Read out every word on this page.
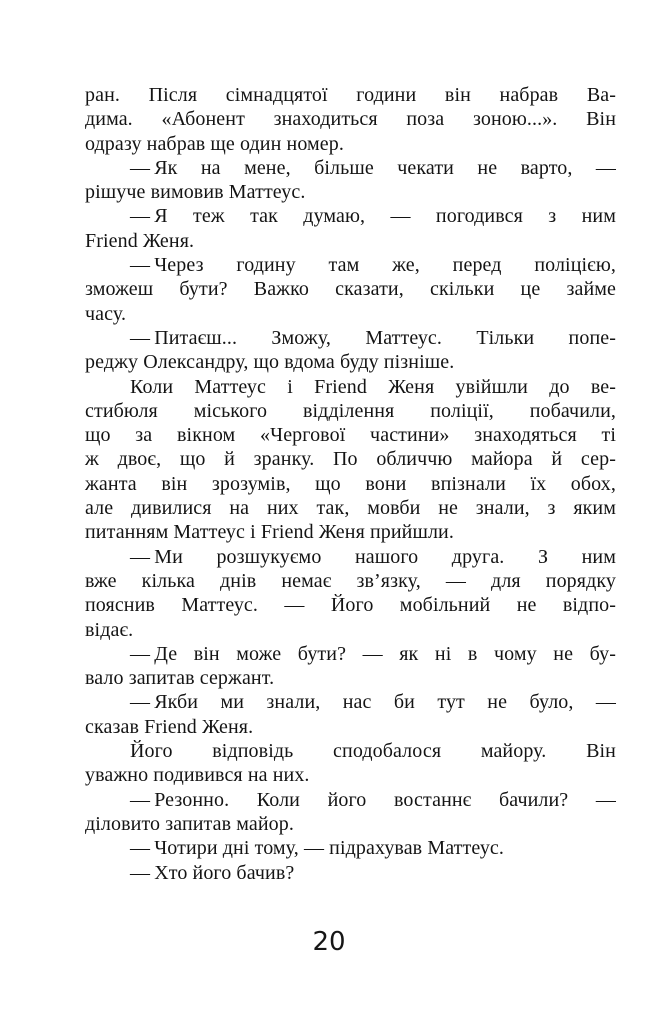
ран. Після сімнадцятої години він набрав Ва-
дима. «Абонент знаходиться поза зоною...». Він
одразу набрав ще один номер.
— Як на мене, більше чекати не варто, —
рішуче вимовив Маттеус.
— Я теж так думаю, — погодився з ним
Friend Женя.
— Через годину там же, перед поліцією,
зможеш бути? Важко сказати, скільки це займе
часу.
— Питаєш... Зможу, Маттеус. Тільки попе-
реджу Олександру, що вдома буду пізніше.
Коли Маттеус і Friend Женя увійшли до ве-
стибюля міського відділення поліції, побачили,
що за вікном «Чергової частини» знаходяться ті
ж двоє, що й зранку. По обличчю майора й сер-
жанта він зрозумів, що вони впізнали їх обох,
але дивилися на них так, мовби не знали, з яким
питанням Маттеус і Friend Женя прийшли.
— Ми розшукуємо нашого друга. З ним
вже кілька днів немає зв’язку, — для порядку
пояснив Маттеус. — Його мобільний не відпо-
відає.
— Де він може бути? — як ні в чому не бу-
вало запитав сержант.
— Якби ми знали, нас би тут не було, —
сказав Friend Женя.
Його відповідь сподобалося майору. Він
уважно подивився на них.
— Резонно. Коли його востаннє бачили? —
діловито запитав майор.
— Чотири дні тому, — підрахував Маттеус.
— Хто його бачив?
20
